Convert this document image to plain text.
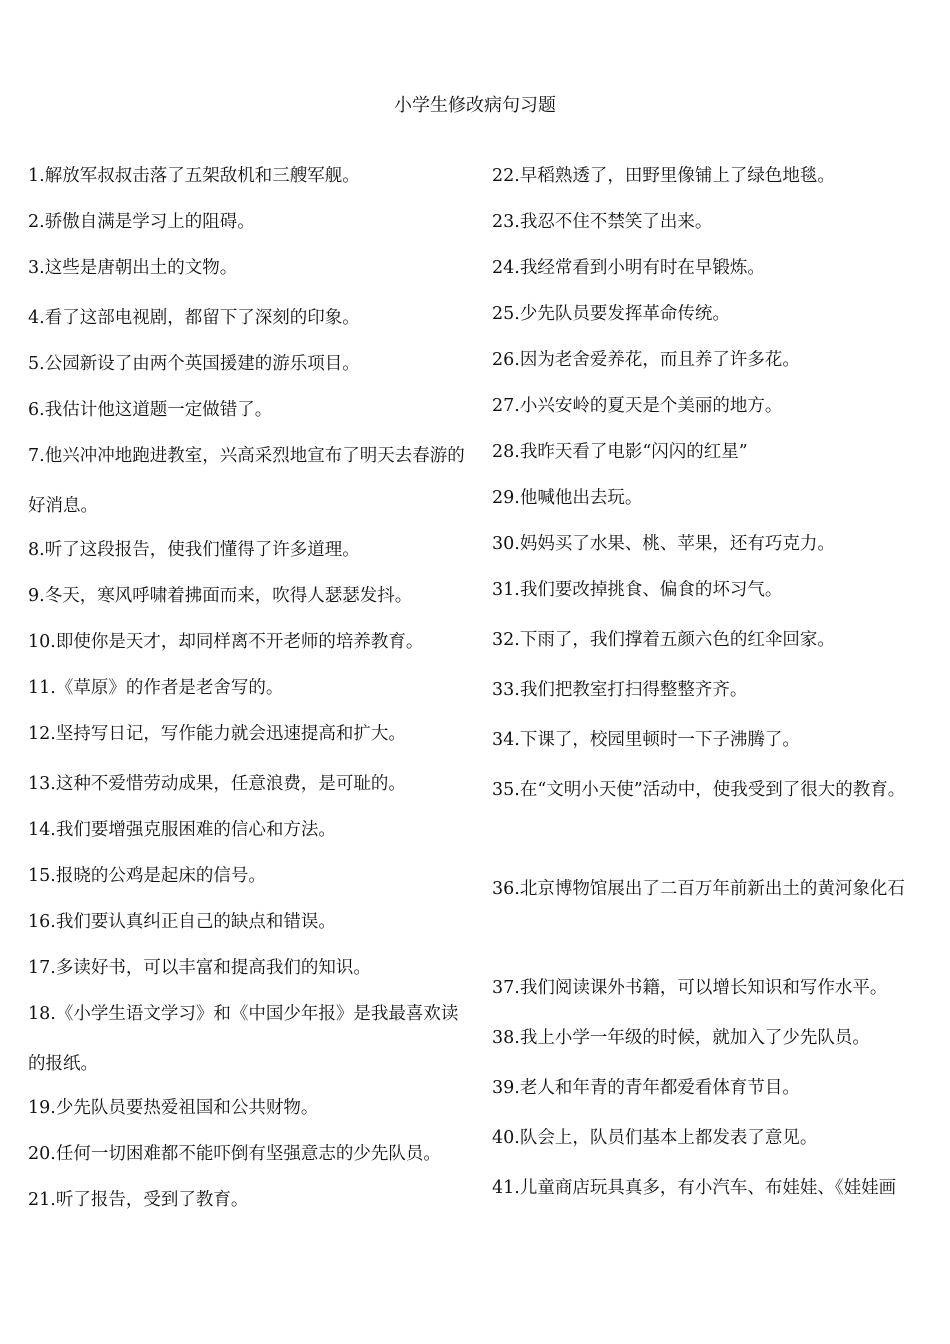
小学生修改病句习题
1.解放军叔叔击落了五架敌机和三艘军舰。
2.骄傲自满是学习上的阻碍。
3.这些是唐朝出土的文物。
4.看了这部电视剧，都留下了深刻的印象。
5.公园新设了由两个英国援建的游乐项目。
6.我估计他这道题一定做错了。
7.他兴冲冲地跑进教室，兴高采烈地宣布了明天去春游的好消息。
8.听了这段报告，使我们懂得了许多道理。
9.冬天，寒风呼啸着拂面而来，吹得人瑟瑟发抖。
10.即使你是天才，却同样离不开老师的培养教育。
11.《草原》的作者是老舍写的。
12.坚持写日记，写作能力就会迅速提高和扩大。
13.这种不爱惜劳动成果，任意浪费，是可耻的。
14.我们要增强克服困难的信心和方法。
15.报晓的公鸡是起床的信号。
16.我们要认真纠正自己的缺点和错误。
17.多读好书，可以丰富和提高我们的知识。
18.《小学生语文学习》和《中国少年报》是我最喜欢读的报纸。
19.少先队员要热爱祖国和公共财物。
20.任何一切困难都不能吓倒有坚强意志的少先队员。
21.听了报告，受到了教育。
22.早稻熟透了，田野里像铺上了绿色地毯。
23.我忍不住不禁笑了出来。
24.我经常看到小明有时在早锻炼。
25.少先队员要发挥革命传统。
26.因为老舍爱养花，而且养了许多花。
27.小兴安岭的夏天是个美丽的地方。
28.我昨天看了电影“闪闪的红星”
29.他喊他出去玩。
30.妈妈买了水果、桃、苹果，还有巧克力。
31.我们要改掉挑食、偏食的坏习气。
32.下雨了，我们撑着五颜六色的红伞回家。
33.我们把教室打扫得整整齐齐。
34.下课了，校园里顿时一下子沸腾了。
35.在“文明小天使”活动中，使我受到了很大的教育。
36.北京博物馆展出了二百万年前新出土的黄河象化石
37.我们阅读课外书籍，可以增长知识和写作水平。
38.我上小学一年级的时候，就加入了少先队员。
39.老人和年青的青年都爱看体育节目。
40.队会上，队员们基本上都发表了意见。
41.儿童商店玩具真多，有小汽车、布娃娃、《娃娃画
